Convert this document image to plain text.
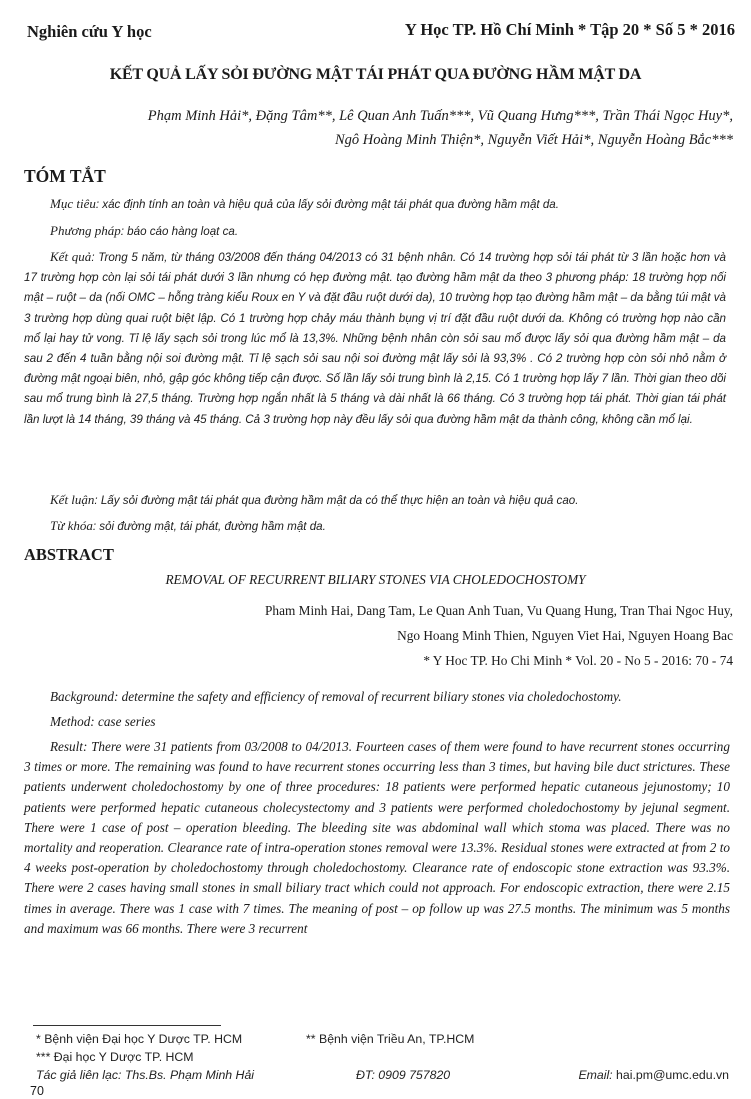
Nghiên cứu Y học	Y Học TP. Hồ Chí Minh * Tập 20 * Số 5 * 2016
KẾT QUẢ LẤY SỎI ĐƯỜNG MẬT TÁI PHÁT QUA ĐƯỜNG HẦM MẬT DA
Phạm Minh Hải*, Đặng Tâm**, Lê Quan Anh Tuấn***, Vũ Quang Hưng***, Trần Thái Ngọc Huy*,
Ngô Hoàng Minh Thiện*, Nguyễn Viết Hải*, Nguyễn Hoàng Bắc***
TÓM TẮT

Mục tiêu: xác định tính an toàn và hiệu quả của lấy sỏi đường mật tái phát qua đường hầm mật da.

Phương pháp: báo cáo hàng loạt ca.

Kết quả: Trong 5 năm, từ tháng 03/2008 đến tháng 04/2013 có 31 bệnh nhân. Có 14 trường hợp sỏi tái phát từ 3 lần hoặc hơn và 17 trường hợp còn lại sỏi tái phát dưới 3 lần nhưng có hẹp đường mật. tạo đường hầm mật da theo 3 phương pháp: 18 trường hợp nối mật – ruột – da (nối OMC – hỗng tràng kiểu Roux en Y và đặt đầu ruột dưới da), 10 trường hợp tạo đường hầm mật – da bằng túi mật và 3 trường hợp dùng quai ruột biệt lập. Có 1 trường hợp chảy máu thành bụng vị trí đặt đầu ruột dưới da. Không có trường hợp nào cần mổ lại hay tử vong. Tỉ lệ lấy sạch sỏi trong lúc mổ là 13,3%. Những bệnh nhân còn sỏi sau mổ được lấy sỏi qua đường hầm mật – da sau 2 đến 4 tuần bằng nội soi đường mật. Tỉ lệ sạch sỏi sau nội soi đường mật lấy sỏi là 93,3% . Có 2 trường hợp còn sỏi nhỏ nằm ở đường mật ngoại biên, nhỏ, gập góc không tiếp cận được. Số lần lấy sỏi trung bình là 2,15. Có 1 trường hợp lấy 7 lần. Thời gian theo dõi sau mổ trung bình là 27,5 tháng. Trường hợp ngắn nhất là 5 tháng và dài nhất là 66 tháng. Có 3 trường hợp tái phát. Thời gian tái phát lần lượt là 14 tháng, 39 tháng và 45 tháng. Cả 3 trường hợp này đều lấy sỏi qua đường hầm mật da thành công, không cần mổ lại.

Kết luận: Lấy sỏi đường mật tái phát qua đường hầm mật da có thể thực hiện an toàn và hiệu quả cao.

Từ khóa: sỏi đường mật, tái phát, đường hầm mật da.

ABSTRACT
REMOVAL OF RECURRENT BILIARY STONES VIA CHOLEDOCHOSTOMY
Pham Minh Hai, Dang Tam, Le Quan Anh Tuan, Vu Quang Hung, Tran Thai Ngoc Huy,
Ngo Hoang Minh Thien, Nguyen Viet Hai, Nguyen Hoang Bac
* Y Hoc TP. Ho Chi Minh * Vol. 20 - No 5 - 2016: 70 - 74

Background: determine the safety and efficiency of removal of recurrent biliary stones via choledochostomy.

Method: case series

Result: There were 31 patients from 03/2008 to 04/2013. Fourteen cases of them were found to have recurrent stones occurring 3 times or more. The remaining was found to have recurrent stones occurring less than 3 times, but having bile duct strictures. These patients underwent choledochostomy by one of three procedures: 18 patients were performed hepatic cutaneous jejunostomy; 10 patients were performed hepatic cutaneous cholecystectomy and 3 patients were performed choledochostomy by jejunal segment. There were 1 case of post – operation bleeding. The bleeding site was abdominal wall which stoma was placed. There was no mortality and reoperation. Clearance rate of intra-operation stones removal were 13.3%. Residual stones were extracted at from 2 to 4 weeks post-operation by choledochostomy through choledochostomy. Clearance rate of endoscopic stone extraction was 93.3%. There were 2 cases having small stones in small biliary tract which could not approach. For endoscopic extraction, there were 2.15 times in average. There was 1 case with 7 times. The meaning of post – op follow up was 27.5 months. The minimum was 5 months and maximum was 66 months. There were 3 recurrent

* Bệnh viện Đại học Y Dược TP. HCM	** Bệnh viện Triều An, TP.HCM
*** Đại học Y Dược TP. HCM
Tác giả liên lạc: Ths.Bs. Phạm Minh Hải	ĐT: 0909 757820	Email: hai.pm@umc.edu.vn
70
